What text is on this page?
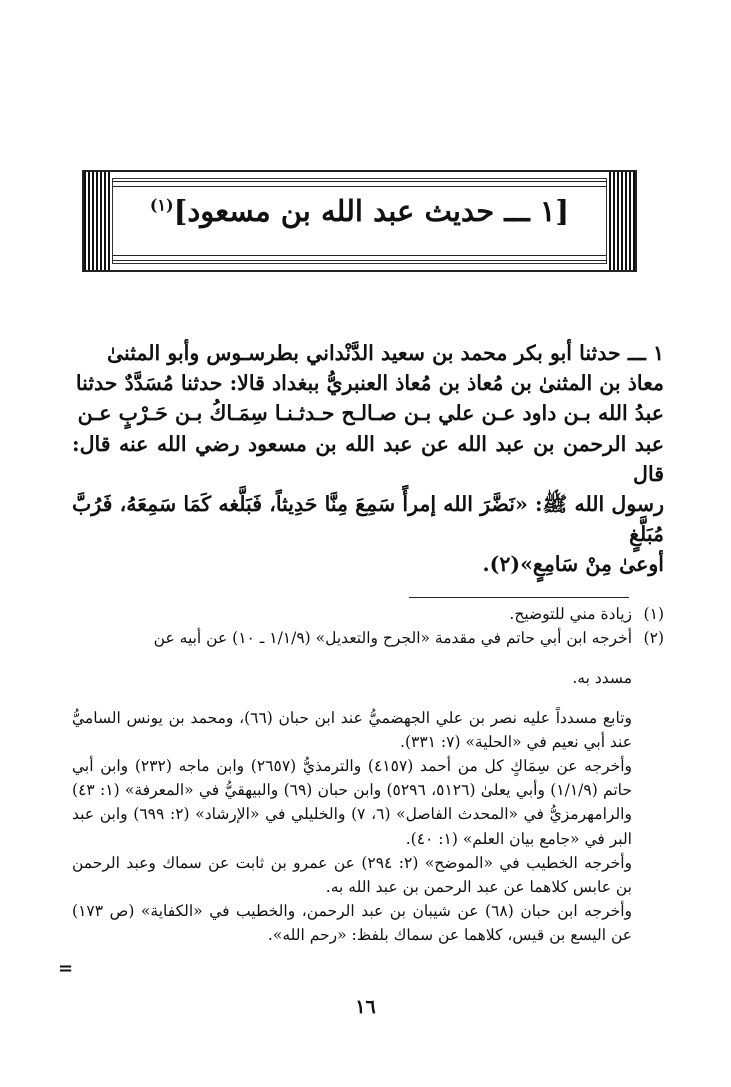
[١ ـــ حديث عبد الله بن مسعود]$^{(١)}$

١ ـــ حدثنا أبو بكر محمد بن سعيد الدَّنْداني بطرسـوس وأبو المثنىٰ

معاذ بن المثنىٰ بن مُعاذ بن مُعاذ العنبريُّ ببغداد قالا: حدثنا مُسَدَّدٌ حدثنا

عبدُ الله بـن داود عـن علي بـن صـالـح حـدثـنـا سِمَـاكُ بـن حَـرْبٍ عـن

عبد الرحمن بن عبد الله عن عبد الله بن مسعود رضي الله عنه قال: قال

رسول الله ﷺ: «نَضَّرَ الله إمرأً سَمِعَ مِنَّا حَدِيثاً، فَبَلَّغه كَمَا سَمِعَهُ، فَرُبَّ مُبَلَّغٍ

أوعىٰ مِنْ سَامِعٍ»(٢).

(١)زيادة مني للتوضيح.

(٢)أخرجه ابن أبي حاتم في مقدمة «الجرح والتعديل» (١/١/٩ ـ ١٠) عن أبيه عن

مسدد به.

وتابع مسدداً عليه نصر بن علي الجهضميُّ عند ابن حبان (٦٦)، ومحمد بن يونس الساميُّ عند أبي نعيم في «الحلية» (٧: ٣٣١).

وأخرجه عن سِمَاكٍ كل من أحمد (٤١٥٧) والترمذيُّ (٢٦٥٧) وابن ماجه (٢٣٢) وابن أبي حاتم (١/١/٩) وأبي يعلىٰ (٥١٢٦، ٥٢٩٦) وابن حبان (٦٩) والبيهقيُّ في «المعرفة» (١: ٤٣) والرامهرمزيُّ في «المحدث الفاصل» (٦، ٧) والخليلي في «الإرشاد» (٢: ٦٩٩) وابن عبد البر في «جامع بيان العلم» (١: ٤٠).

وأخرجه الخطيب في «الموضح» (٢: ٢٩٤) عن عمرو بن ثابت عن سماك وعبد الرحمن بن عابس كلاهما عن عبد الرحمن بن عبد الله به.

وأخرجه ابن حبان (٦٨) عن شيبان بن عبد الرحمن، والخطيب في «الكفاية» (ص ١٧٣) عن اليسع بن قيس، كلاهما عن سماك بلفظ: «رحم الله».

=
١٦
